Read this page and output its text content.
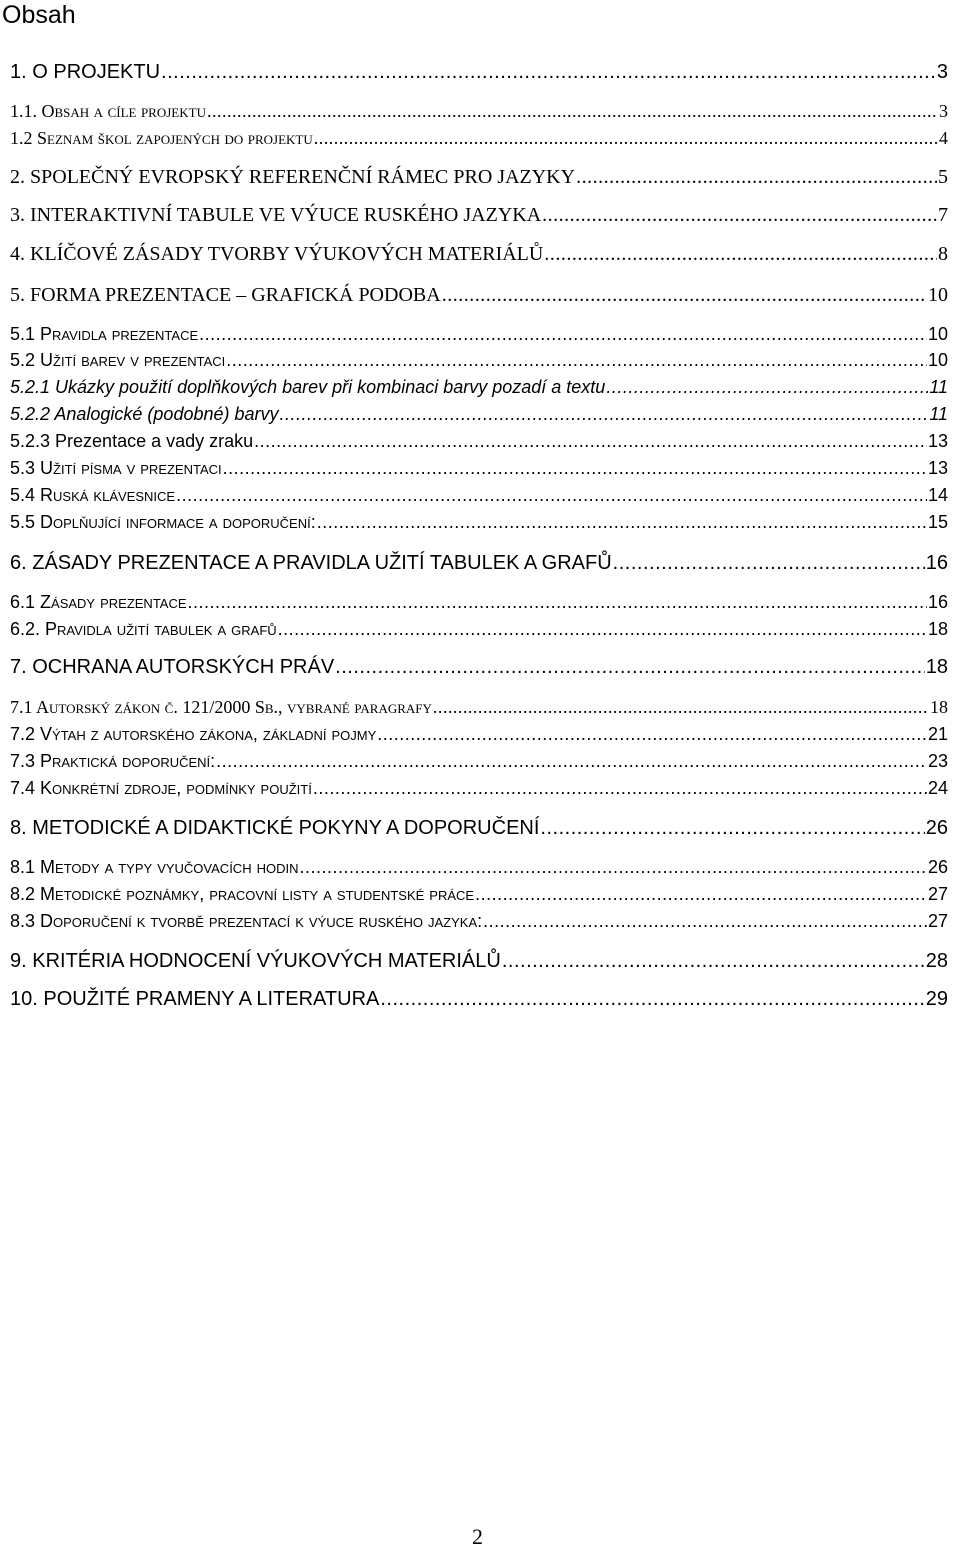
Obsah
1. O PROJEKTU .....	3
1.1. Obsah a cíle projektu .....	3
1.2 Seznam škol zapojených do projektu .....	4
2. SPOLEČNÝ EVROPSKÝ REFERENČNÍ RÁMEC PRO JAZYKY .....	5
3. INTERAKTIVNÍ TABULE VE VÝUCE RUSKÉHO JAZYKA .....	7
4. KLÍČOVÉ ZÁSADY TVORBY VÝUKOVÝCH MATERIÁLŮ .....	8
5. FORMA PREZENTACE – GRAFICKÁ PODOBA .....	10
5.1 Pravidla prezentace .....	10
5.2 Užití barev v prezentaci .....	10
5.2.1 Ukázky použití doplňkových barev při kombinaci barvy pozadí a textu .....	11
5.2.2 Analogické (podobné) barvy .....	11
5.2.3 Prezentace a vady zraku .....	13
5.3 Užití písma v prezentaci .....	13
5.4 Ruská klávesnice .....	14
5.5 Doplňující informace a doporučení: .....	15
6. ZÁSADY PREZENTACE A PRAVIDLA UŽITÍ TABULEK A GRAFŮ .....	16
6.1 Zásady prezentace .....	16
6.2. Pravidla užití tabulek a grafů .....	18
7. OCHRANA AUTORSKÝCH PRÁV .....	18
7.1 Autorský zákon č. 121/2000 Sb., vybrané paragrafy .....	18
7.2 Výtah z autorského zákona, základní pojmy .....	21
7.3 Praktická doporučení: .....	23
7.4 Konkrétní zdroje, podmínky použití .....	24
8. METODICKÉ A DIDAKTICKÉ POKYNY A DOPORUČENÍ .....	26
8.1 Metody a typy vyučovacích hodin .....	26
8.2 Metodické poznámky, pracovní listy a studentské práce .....	27
8.3 Doporučení k tvorbě prezentací k výuce ruského jazyka: .....	27
9. KRITÉRIA HODNOCENÍ VÝUKOVÝCH MATERIÁLŮ .....	28
10. POUŽITÉ PRAMENY A LITERATURA .....	29
2
